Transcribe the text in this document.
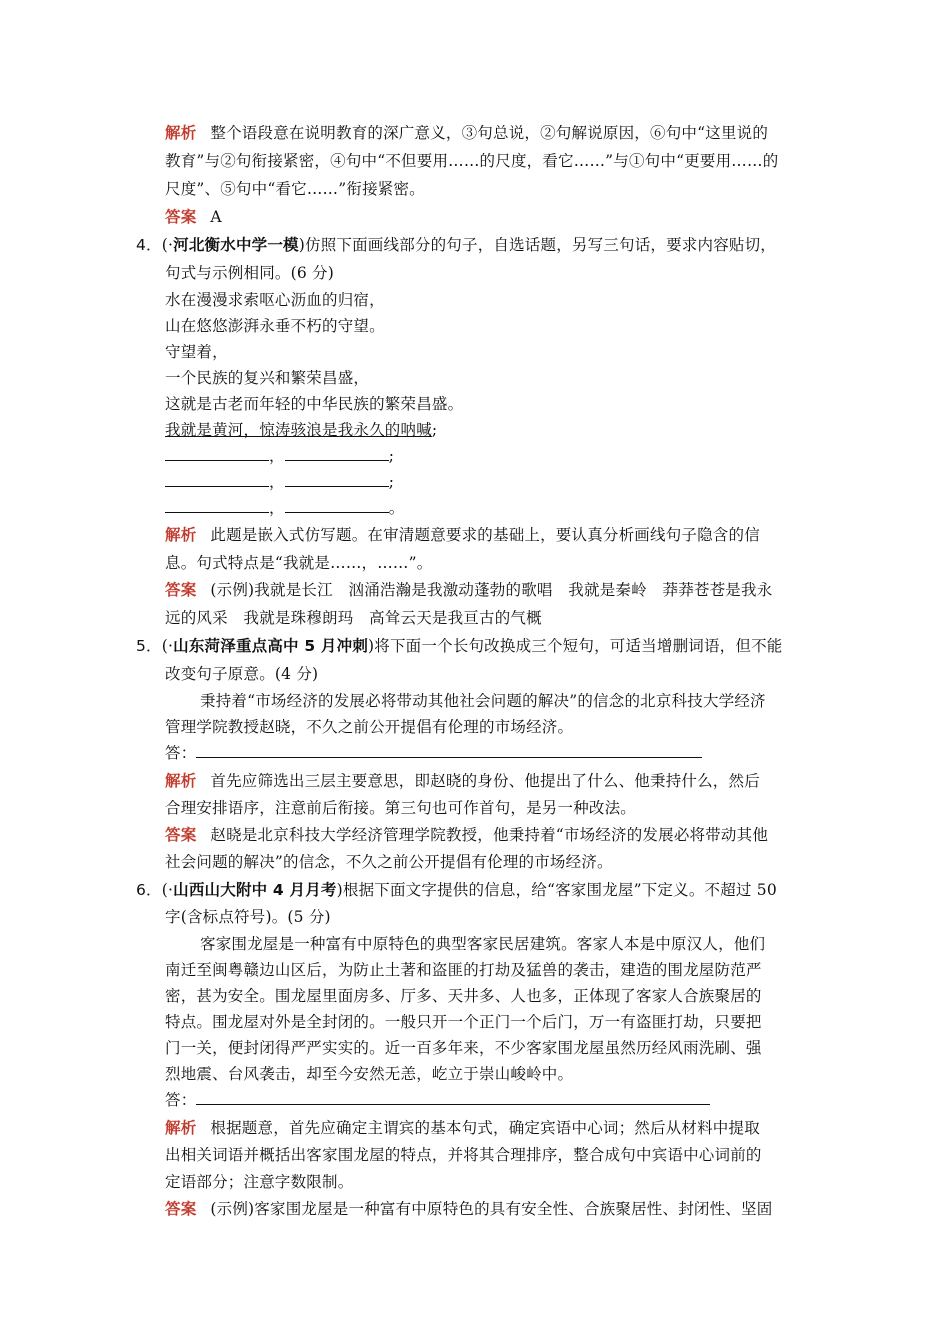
解析 整个语段意在说明教育的深广意义，③句总说，②句解说原因，⑥句中“这里说的
教育”与②句衔接紧密，④句中“不但要用……的尺度，看它……”与①句中“更要用……的
尺度”、⑤句中“看它……”衔接紧密。
答案 A
4．(·河北衡水中学一模)仿照下面画线部分的句子，自选话题，另写三句话，要求内容贴切，
句式与示例相同。(6 分)
水在漫漫求索呕心沥血的归宿，
山在悠悠澎湃永垂不朽的守望。
守望着，
一个民族的复兴和繁荣昌盛，
这就是古老而年轻的中华民族的繁荣昌盛。
我就是黄河，惊涛骇浪是我永久的呐喊;
，	;
，	;
，	。
解析 此题是嵌入式仿写题。在审清题意要求的基础上，要认真分析画线句子隐含的信
息。句式特点是“我就是……，……”。
答案 (示例)我就是长江　汹涌浩瀚是我激动蓬勃的歌唱　我就是秦岭　莽莽苍苍是我永
远的风采　我就是珠穆朗玛　高耸云天是我亘古的气概
5．(·山东菏泽重点高中 5 月冲刺)将下面一个长句改换成三个短句，可适当增删词语，但不能
改变句子原意。(4 分)
秉持着“市场经济的发展必将带动其他社会问题的解决”的信念的北京科技大学经济
管理学院教授赵晓，不久之前公开提倡有伦理的市场经济。
答：
解析 首先应筛选出三层主要意思，即赵晓的身份、他提出了什么、他秉持什么，然后
合理安排语序，注意前后衔接。第三句也可作首句，是另一种改法。
答案 赵晓是北京科技大学经济管理学院教授，他秉持着“市场经济的发展必将带动其他
社会问题的解决”的信念，不久之前公开提倡有伦理的市场经济。
6．(·山西山大附中 4 月月考)根据下面文字提供的信息，给“客家围龙屋”下定义。不超过 50
字(含标点符号)。(5 分)
客家围龙屋是一种富有中原特色的典型客家民居建筑。客家人本是中原汉人，他们
南迁至闽粤赣边山区后，为防止土著和盗匪的打劫及猛兽的袭击，建造的围龙屋防范严
密，甚为安全。围龙屋里面房多、厅多、天井多、人也多，正体现了客家人合族聚居的
特点。围龙屋对外是全封闭的。一般只开一个正门一个后门，万一有盗匪打劫，只要把
门一关，便封闭得严严实实的。近一百多年来，不少客家围龙屋虽然历经风雨洗刷、强
烈地震、台风袭击，却至今安然无恙，屹立于崇山峻岭中。
答：
解析 根据题意，首先应确定主谓宾的基本句式，确定宾语中心词；然后从材料中提取
出相关词语并概括出客家围龙屋的特点，并将其合理排序，整合成句中宾语中心词前的
定语部分；注意字数限制。
答案 (示例)客家围龙屋是一种富有中原特色的具有安全性、合族聚居性、封闭性、坚固
